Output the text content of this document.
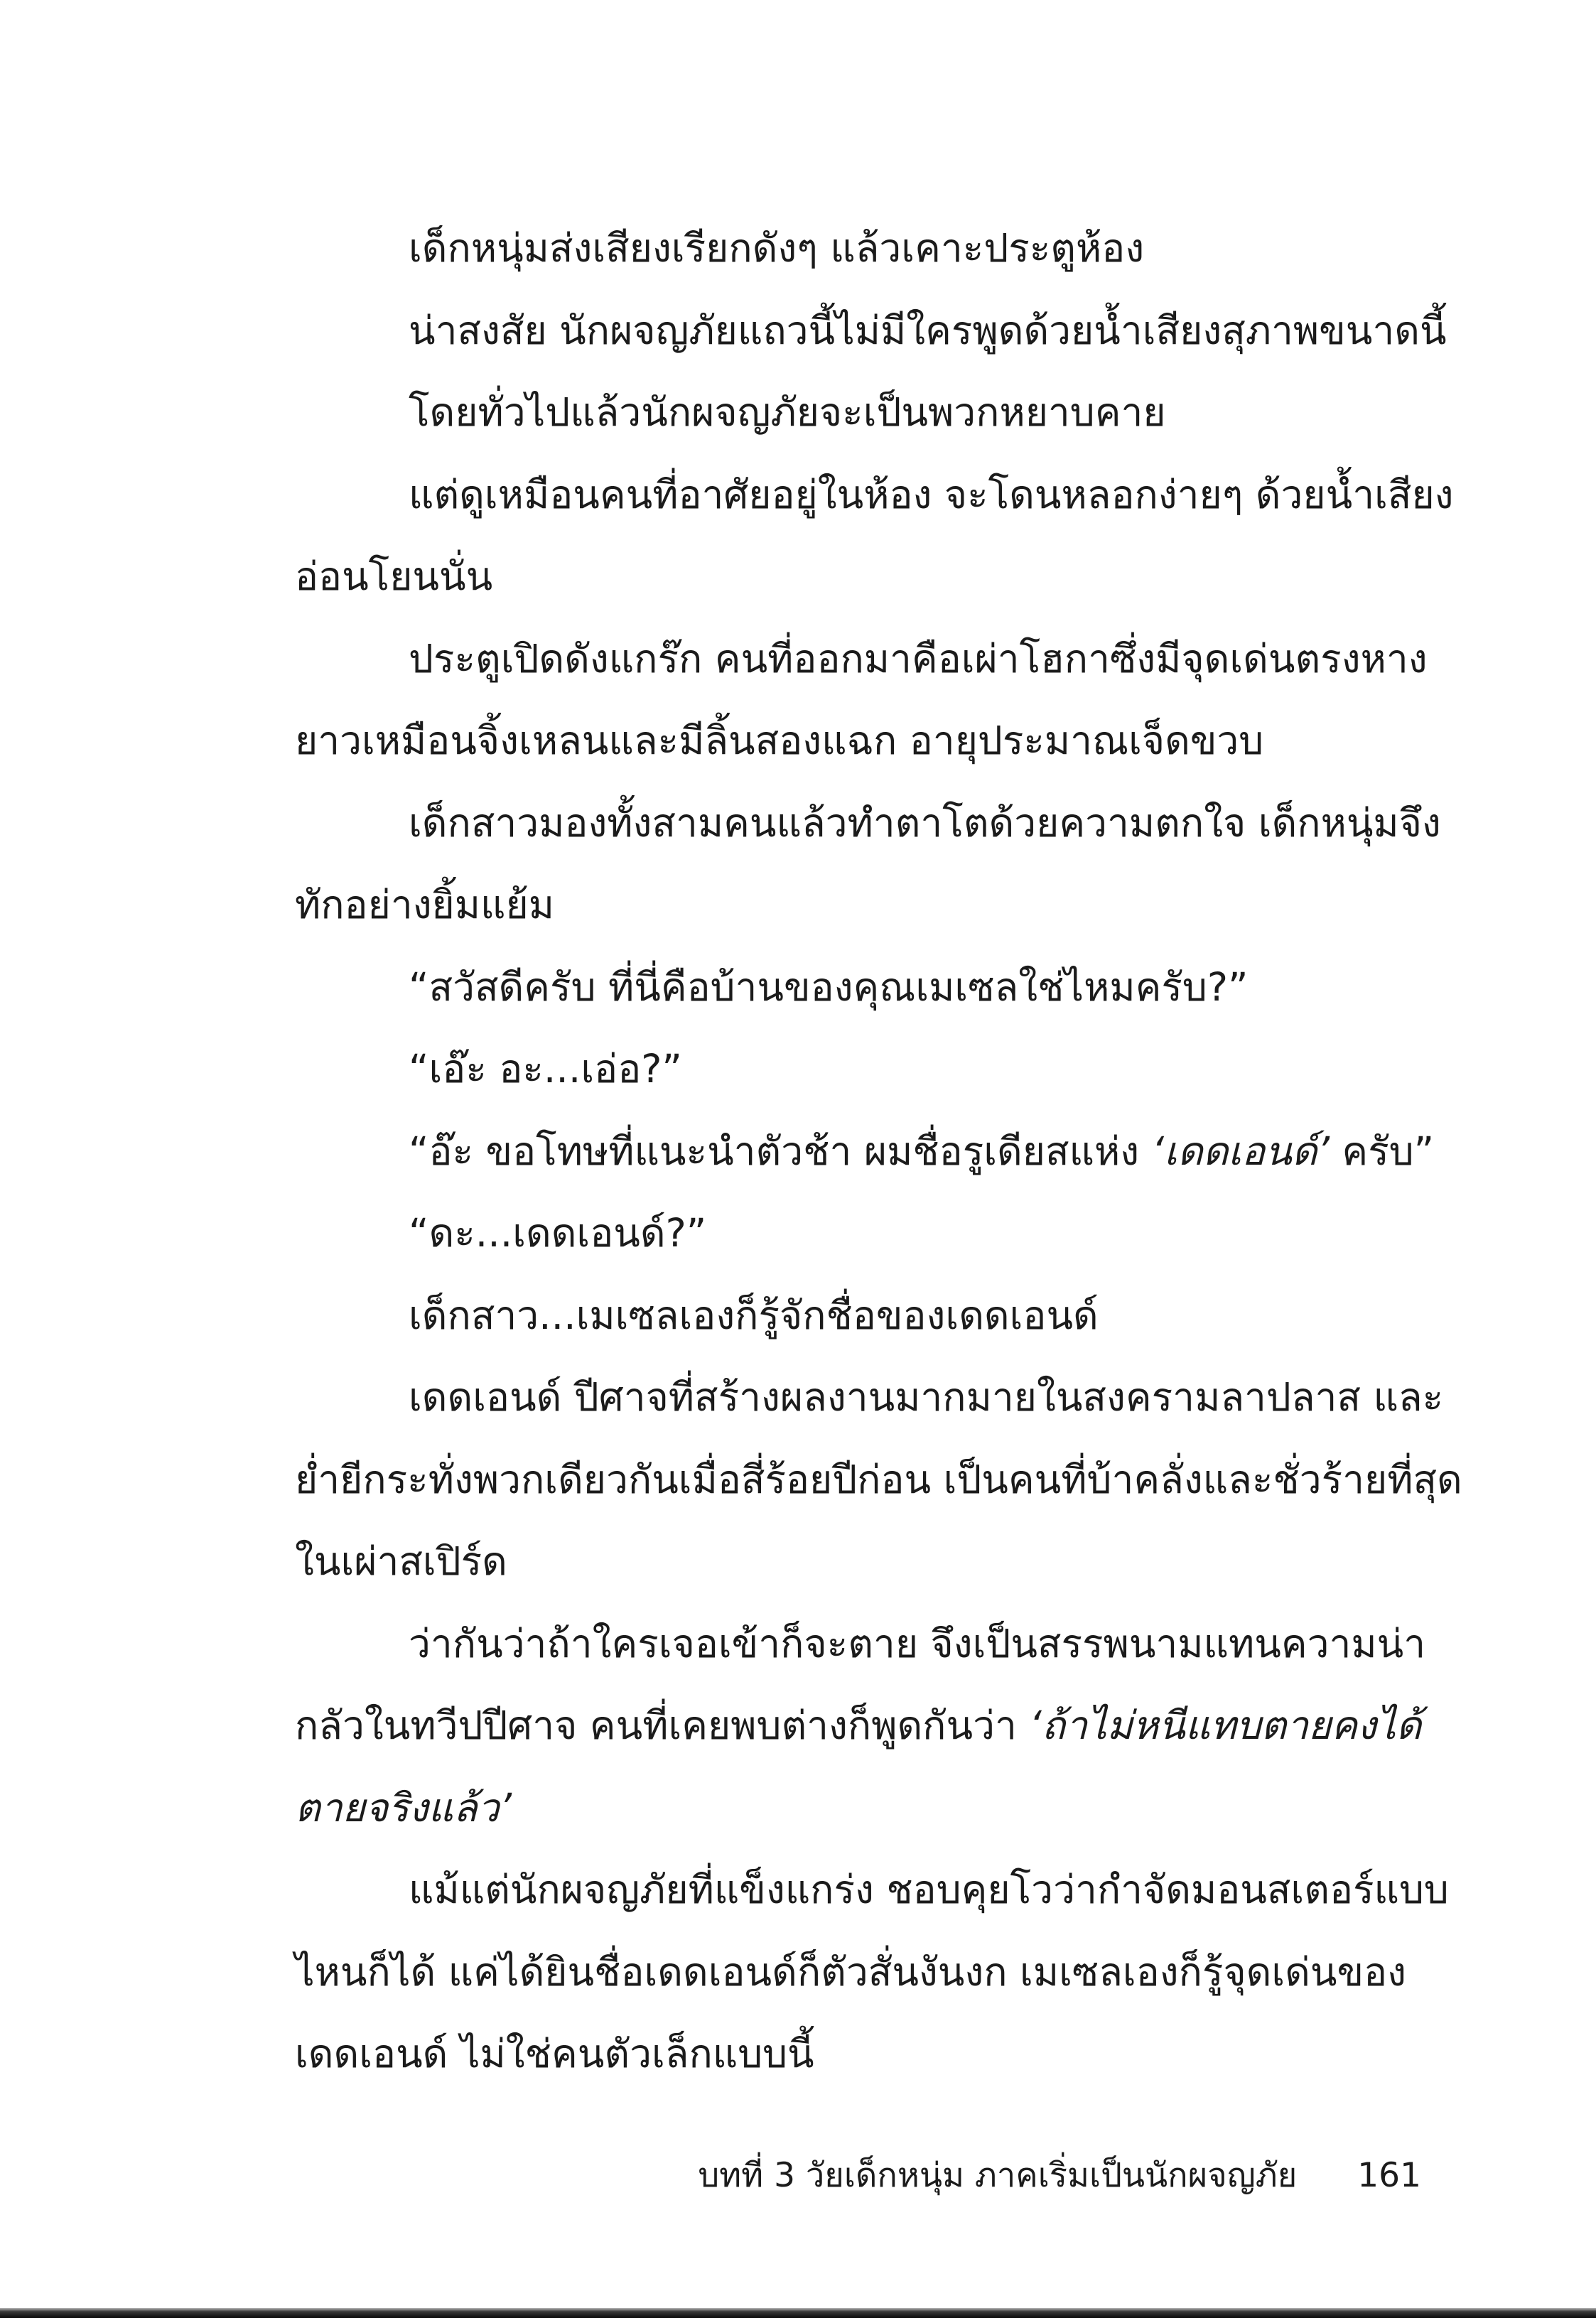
เด็กหนุ่มส่งเสียงเรียกดังๆ แล้วเคาะประตูห้อง
น่าสงสัย นักผจญภัยแถวนี้ไม่มีใครพูดด้วยน้ำเสียงสุภาพขนาดนี้
โดยทั่วไปแล้วนักผจญภัยจะเป็นพวกหยาบคาย
แต่ดูเหมือนคนที่อาศัยอยู่ในห้อง จะโดนหลอกง่ายๆ ด้วยน้ำเสียง
อ่อนโยนนั่น
ประตูเปิดดังแกร๊ก คนที่ออกมาคือเผ่าโฮกาซึ่งมีจุดเด่นตรงหาง
ยาวเหมือนจิ้งเหลนและมีลิ้นสองแฉก อายุประมาณเจ็ดขวบ
เด็กสาวมองทั้งสามคนแล้วทำตาโตด้วยความตกใจ เด็กหนุ่มจึง
ทักอย่างยิ้มแย้ม
“สวัสดีครับ ที่นี่คือบ้านของคุณเมเซลใช่ไหมครับ?”
“เอ๊ะ อะ...เอ่อ?”
“อ๊ะ ขอโทษที่แนะนำตัวช้า ผมชื่อรูเดียสแห่ง ‘เดดเอนด์’ ครับ”
“ดะ...เดดเอนด์?”
เด็กสาว...เมเซลเองก็รู้จักชื่อของเดดเอนด์
เดดเอนด์ ปีศาจที่สร้างผลงานมากมายในสงครามลาปลาส และ
ย่ำยีกระทั่งพวกเดียวกันเมื่อสี่ร้อยปีก่อน เป็นคนที่บ้าคลั่งและชั่วร้ายที่สุด
ในเผ่าสเปิร์ด
ว่ากันว่าถ้าใครเจอเข้าก็จะตาย จึงเป็นสรรพนามแทนความน่า
กลัวในทวีปปีศาจ คนที่เคยพบต่างก็พูดกันว่า ‘ถ้าไม่หนีแทบตายคงได้
ตายจริงแล้ว’
แม้แต่นักผจญภัยที่แข็งแกร่ง ชอบคุยโวว่ากำจัดมอนสเตอร์แบบ
ไหนก็ได้ แค่ได้ยินชื่อเดดเอนด์ก็ตัวสั่นงันงก เมเซลเองก็รู้จุดเด่นของ
เดดเอนด์ ไม่ใช่คนตัวเล็กแบบนี้
บทที่ 3 วัยเด็กหนุ่ม ภาคเริ่มเป็นนักผจญภัย 161
